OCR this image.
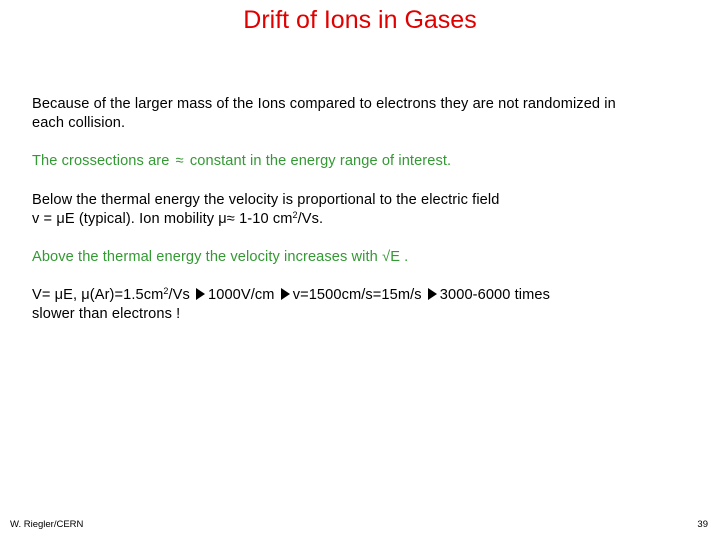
Drift of Ions in Gases
Because of the larger mass of the Ions compared to electrons they are not randomized in each collision.
The crossections are ≈ constant in the energy range of interest.
Below the thermal energy the velocity is proportional to the electric field
v = μE (typical). Ion mobility μ≈ 1-10 $cm^2/Vs$.
Above the thermal energy the velocity increases with √E .
V= μE, $\mu(Ar)=1.5cm^2/Vs$ 1000V/cm v=1500cm/s=15m/s 3000-6000 times
slower than electrons !
W. Riegler/CERN	39
